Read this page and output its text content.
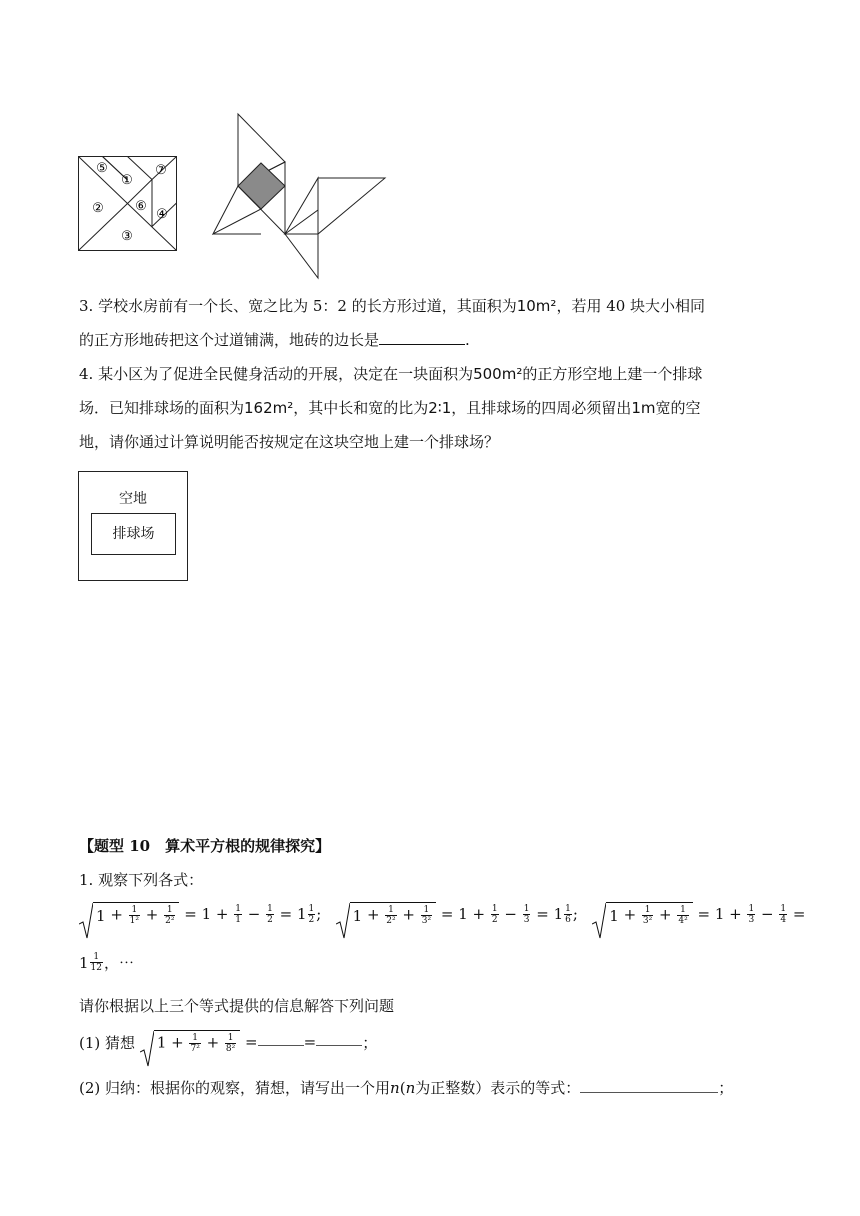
⑤
①
⑦
② ⑥
④
③
3. 学校水房前有一个长、宽之比为 5：2 的长方形过道，其面积为10m²，若用 40 块大小相同
的正方形地砖把这个过道铺满，地砖的边长是	.
4. 某小区为了促进全民健身活动的开展，决定在一块面积为500m²的正方形空地上建一个排球
场．已知排球场的面积为162m²，其中长和宽的比为2∶1，且排球场的四周必须留出1m宽的空
地，请你通过计算说明能否按规定在这块空地上建一个排球场？
空地
排球场
【题型 10　算术平方根的规律探究】
1. 观察下列各式：
$1 + \frac{1}{\text{1²}} + \frac{1}{\text{2²}} = 1 + \frac{1}{1} - \frac{1}{2} = 1 \frac{1}{2}$ ; $1 + \frac{1}{\text{2²}} + \frac{1}{\text{3²}} = 1 + \frac{1}{2} - \frac{1}{3} = 1 \frac{1}{6}$ ; $1 + \frac{1}{\text{3²}} + \frac{1}{\text{4²}} = 1 + \frac{1}{3} - \frac{1}{4}$ =
$1 \frac{1}{12}$ ，⋯
请你根据以上三个等式提供的信息解答下列问题
(1) 猜想
$1 + \frac{1}{\text{7²}} + \frac{1}{\text{8²}}$ =	=	；
(2) 归纳：根据你的观察，猜想，请写出一个用n(n为正整数）表示的等式：	；
